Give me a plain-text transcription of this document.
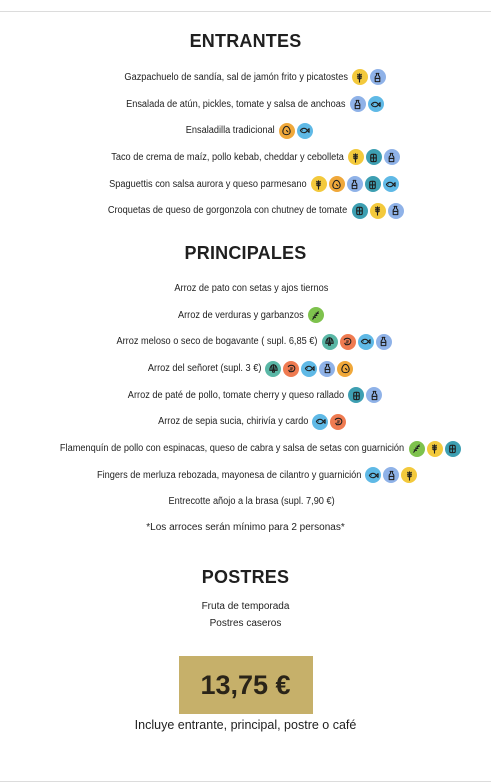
ENTRANTES
Gazpachuelo de sandía, sal de jamón frito y picatostes
Ensalada de atún, pickles, tomate y salsa de anchoas
Ensaladilla tradicional
Taco de crema de maíz, pollo kebab, cheddar y cebolleta
Spaguettis con salsa aurora y queso parmesano
Croquetas de queso de gorgonzola con chutney de tomate
PRINCIPALES
Arroz de pato con setas y ajos tiernos
Arroz de verduras y garbanzos
Arroz meloso o seco de bogavante ( supl. 6,85 €)
Arroz del señoret (supl. 3 €)
Arroz de paté de pollo, tomate cherry y queso rallado
Arroz de sepia sucia, chirivía y cardo
Flamenquín de pollo con espinacas, queso de cabra y salsa de setas con guarnición
Fingers de merluza rebozada, mayonesa de cilantro y guarnición
Entrecotte añojo a la brasa (supl. 7,90 €)
*Los arroces serán mínimo para 2 personas*
POSTRES
Fruta de temporada
Postres caseros
13,75 €
Incluye entrante, principal, postre o café
